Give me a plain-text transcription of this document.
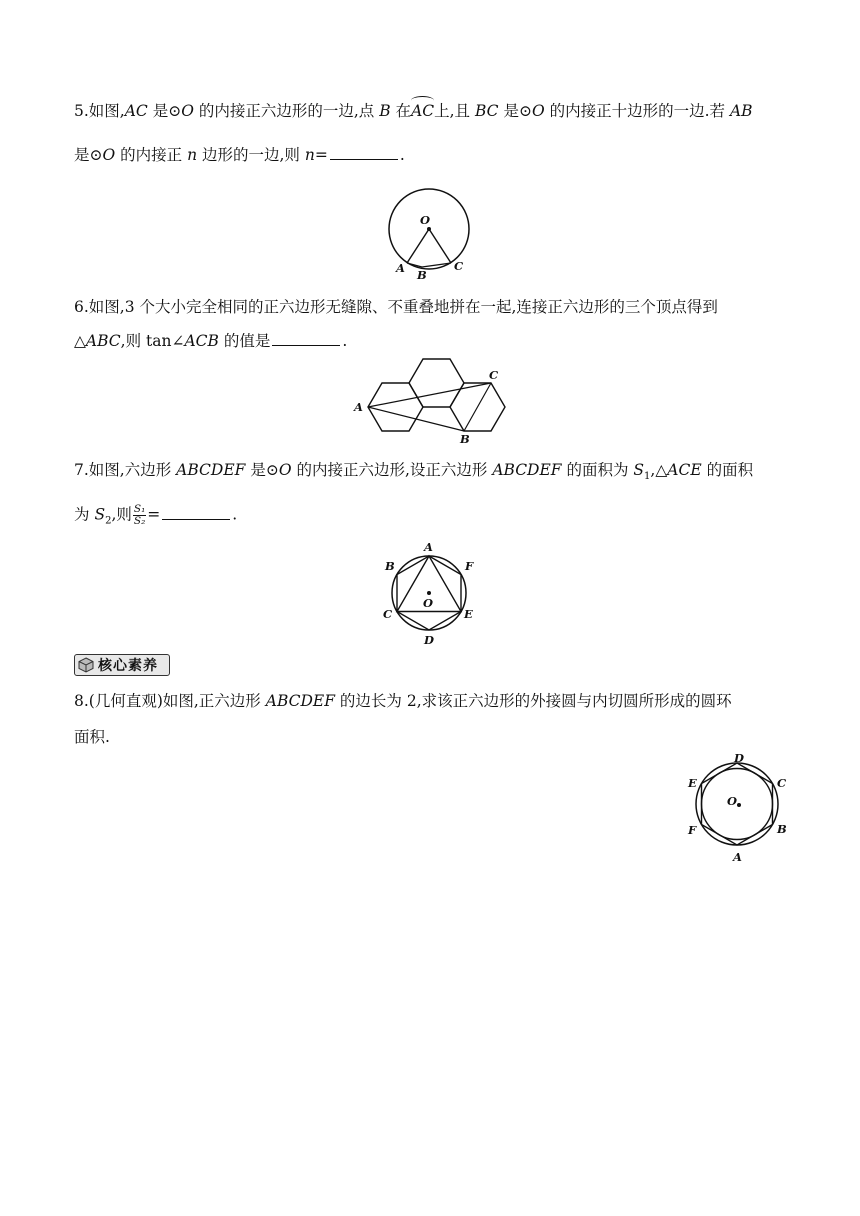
5.如图,AC 是⊙O 的内接正六边形的一边,点 B 在AC上,且 BC 是⊙O 的内接正十边形的一边.若 AB
是⊙O 的内接正 n 边形的一边,则 n=	.
O
A B
C
6.如图,3 个大小完全相同的正六边形无缝隙、不重叠地拼在一起,连接正六边形的三个顶点得到
△ABC,则 tan∠ACB 的值是	.
A
B
C
7.如图,六边形 ABCDEF 是⊙O 的内接正六边形,设正六边形 ABCDEF 的面积为 $S_1,\triangle ACE$ 的面积
为 $S_2$,则 $\frac{\text{S₁}}{\text{S₂}}$ =	.
A
B
C
D
E
F
O
核心素养
8.(几何直观)如图,正六边形 ABCDEF 的边长为 2,求该正六边形的外接圆与内切圆所形成的圆环
面积.
D
C
B
A
F
E
O
